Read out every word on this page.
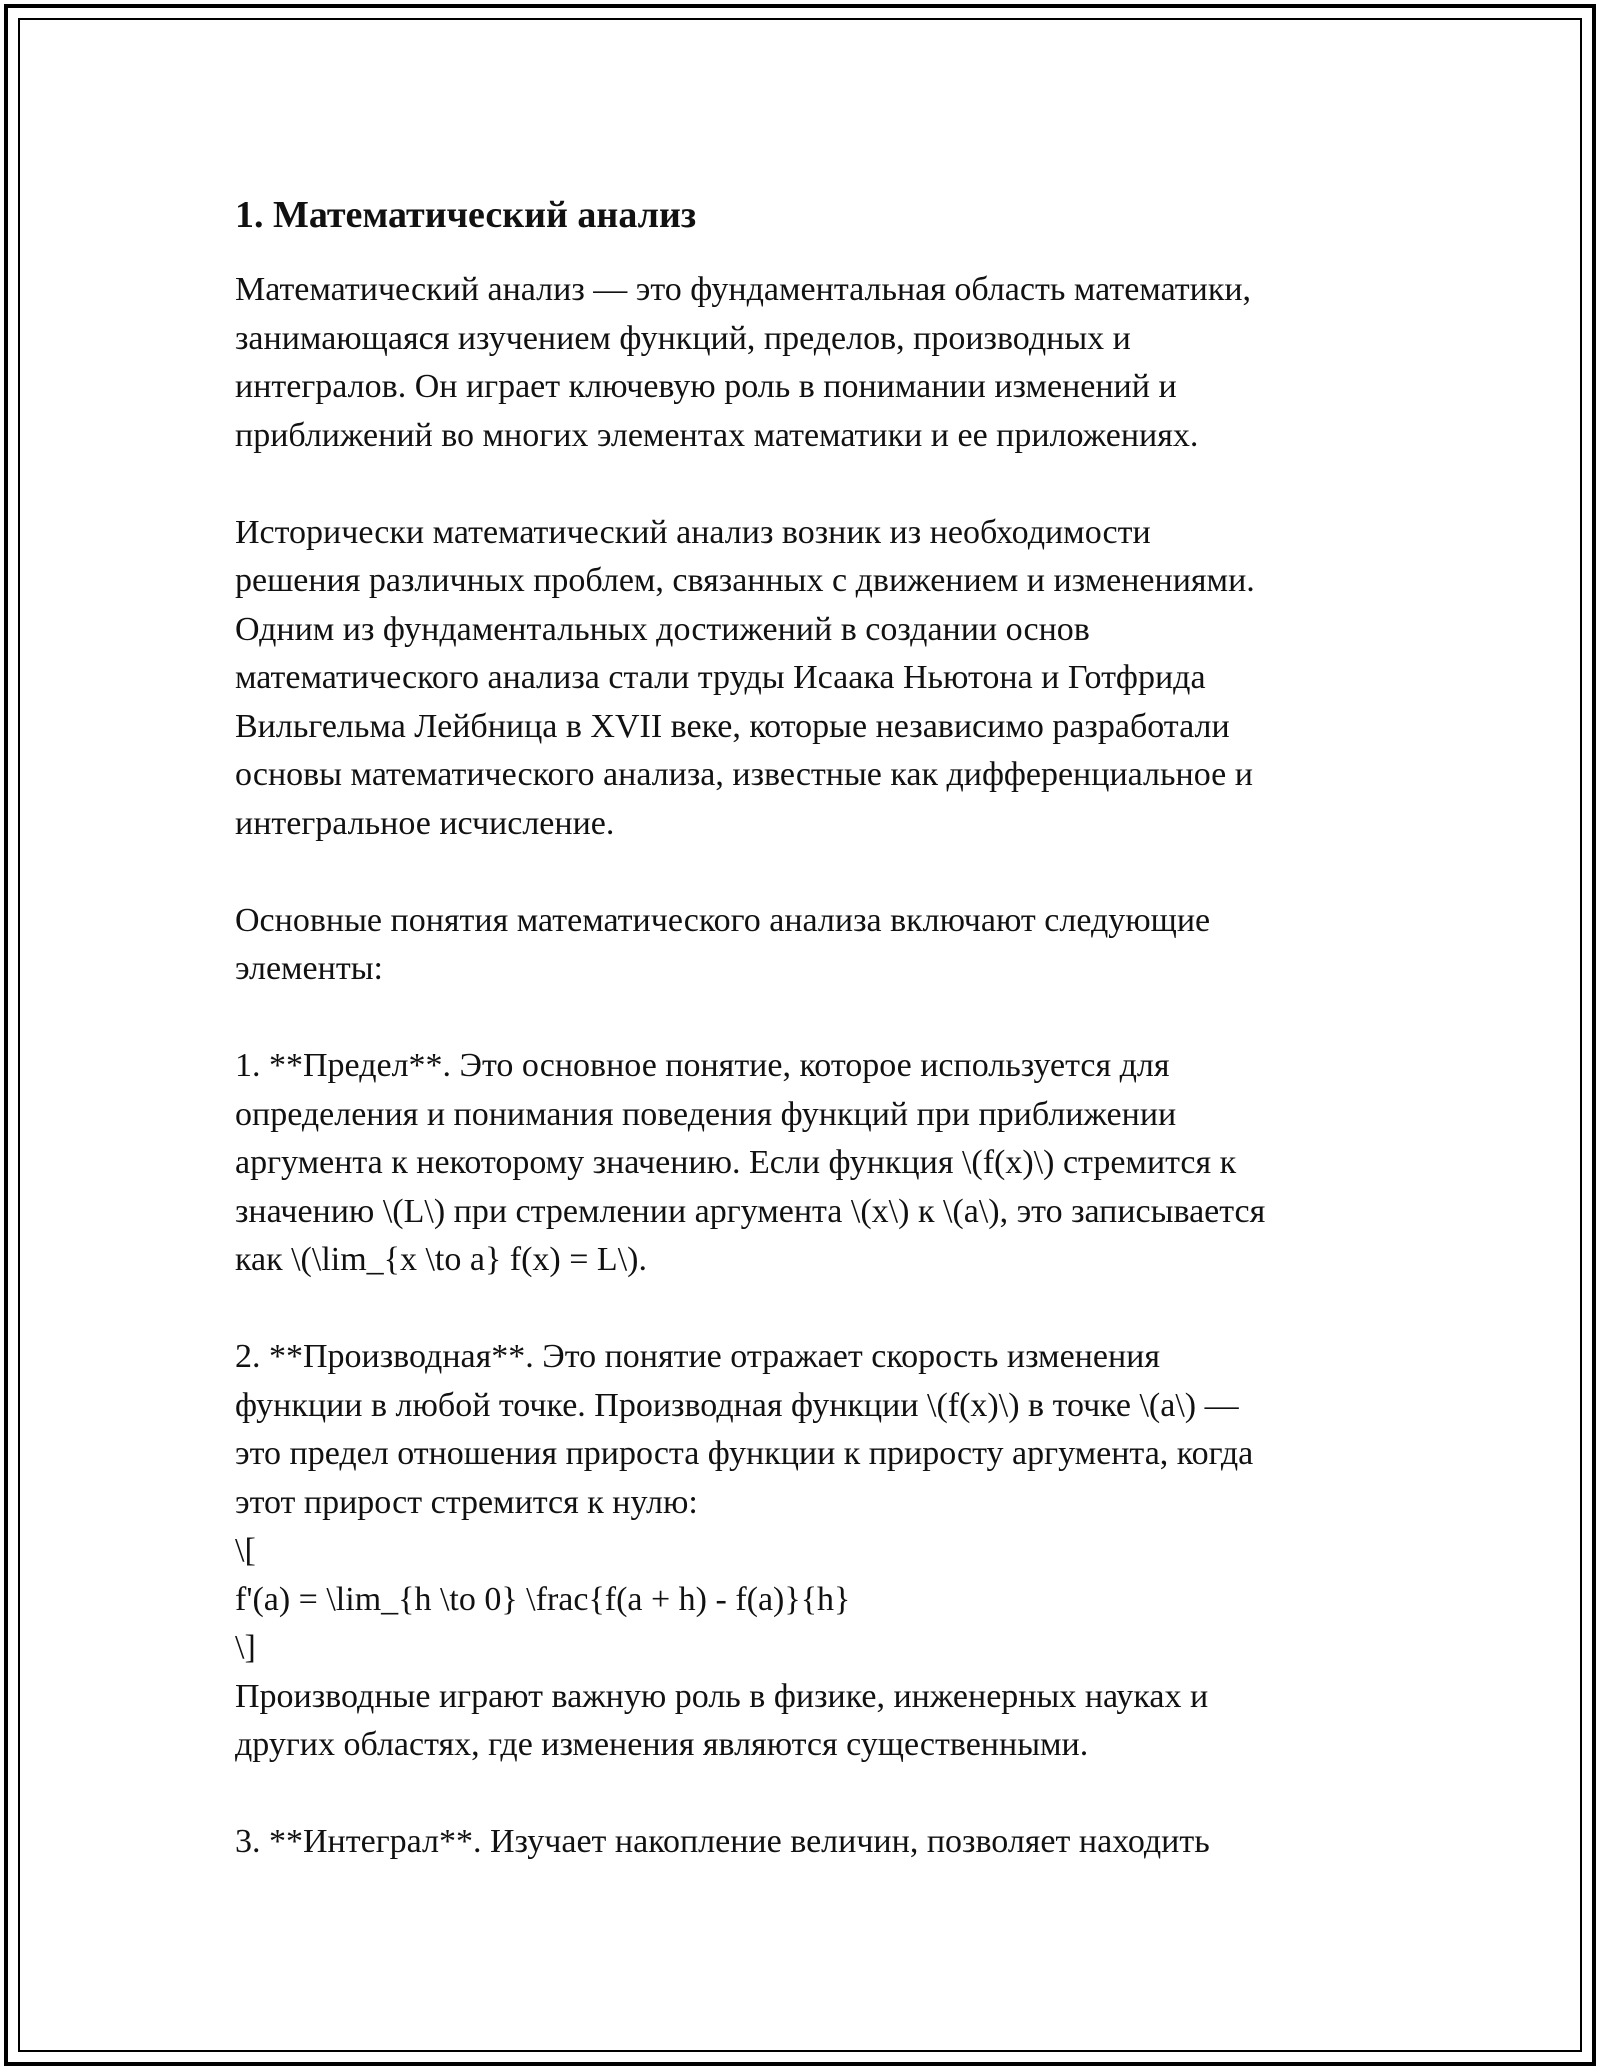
1. Математический анализ

Математический анализ — это фундаментальная область математики,
занимающаяся изучением функций, пределов, производных и
интегралов. Он играет ключевую роль в понимании изменений и
приближений во многих элементах математики и ее приложениях.

Исторически математический анализ возник из необходимости
решения различных проблем, связанных с движением и изменениями.
Одним из фундаментальных достижений в создании основ
математического анализа стали труды Исаака Ньютона и Готфрида
Вильгельма Лейбница в XVII веке, которые независимо разработали
основы математического анализа, известные как дифференциальное и
интегральное исчисление.

Основные понятия математического анализа включают следующие
элементы:

1. **Предел**. Это основное понятие, которое используется для
определения и понимания поведения функций при приближении
аргумента к некоторому значению. Если функция \(f(x)\) стремится к
значению \(L\) при стремлении аргумента \(x\) к \(a\), это записывается
как \(\lim_{x \to a} f(x) = L\).

2. **Производная**. Это понятие отражает скорость изменения
функции в любой точке. Производная функции \(f(x)\) в точке \(a\) —
это предел отношения прироста функции к приросту аргумента, когда
этот прирост стремится к нулю:
\[
f'(a) = \lim_{h \to 0} \frac{f(a + h) - f(a)}{h}
\]
Производные играют важную роль в физике, инженерных науках и
других областях, где изменения являются существенными.

3. **Интеграл**. Изучает накопление величин, позволяет находить
